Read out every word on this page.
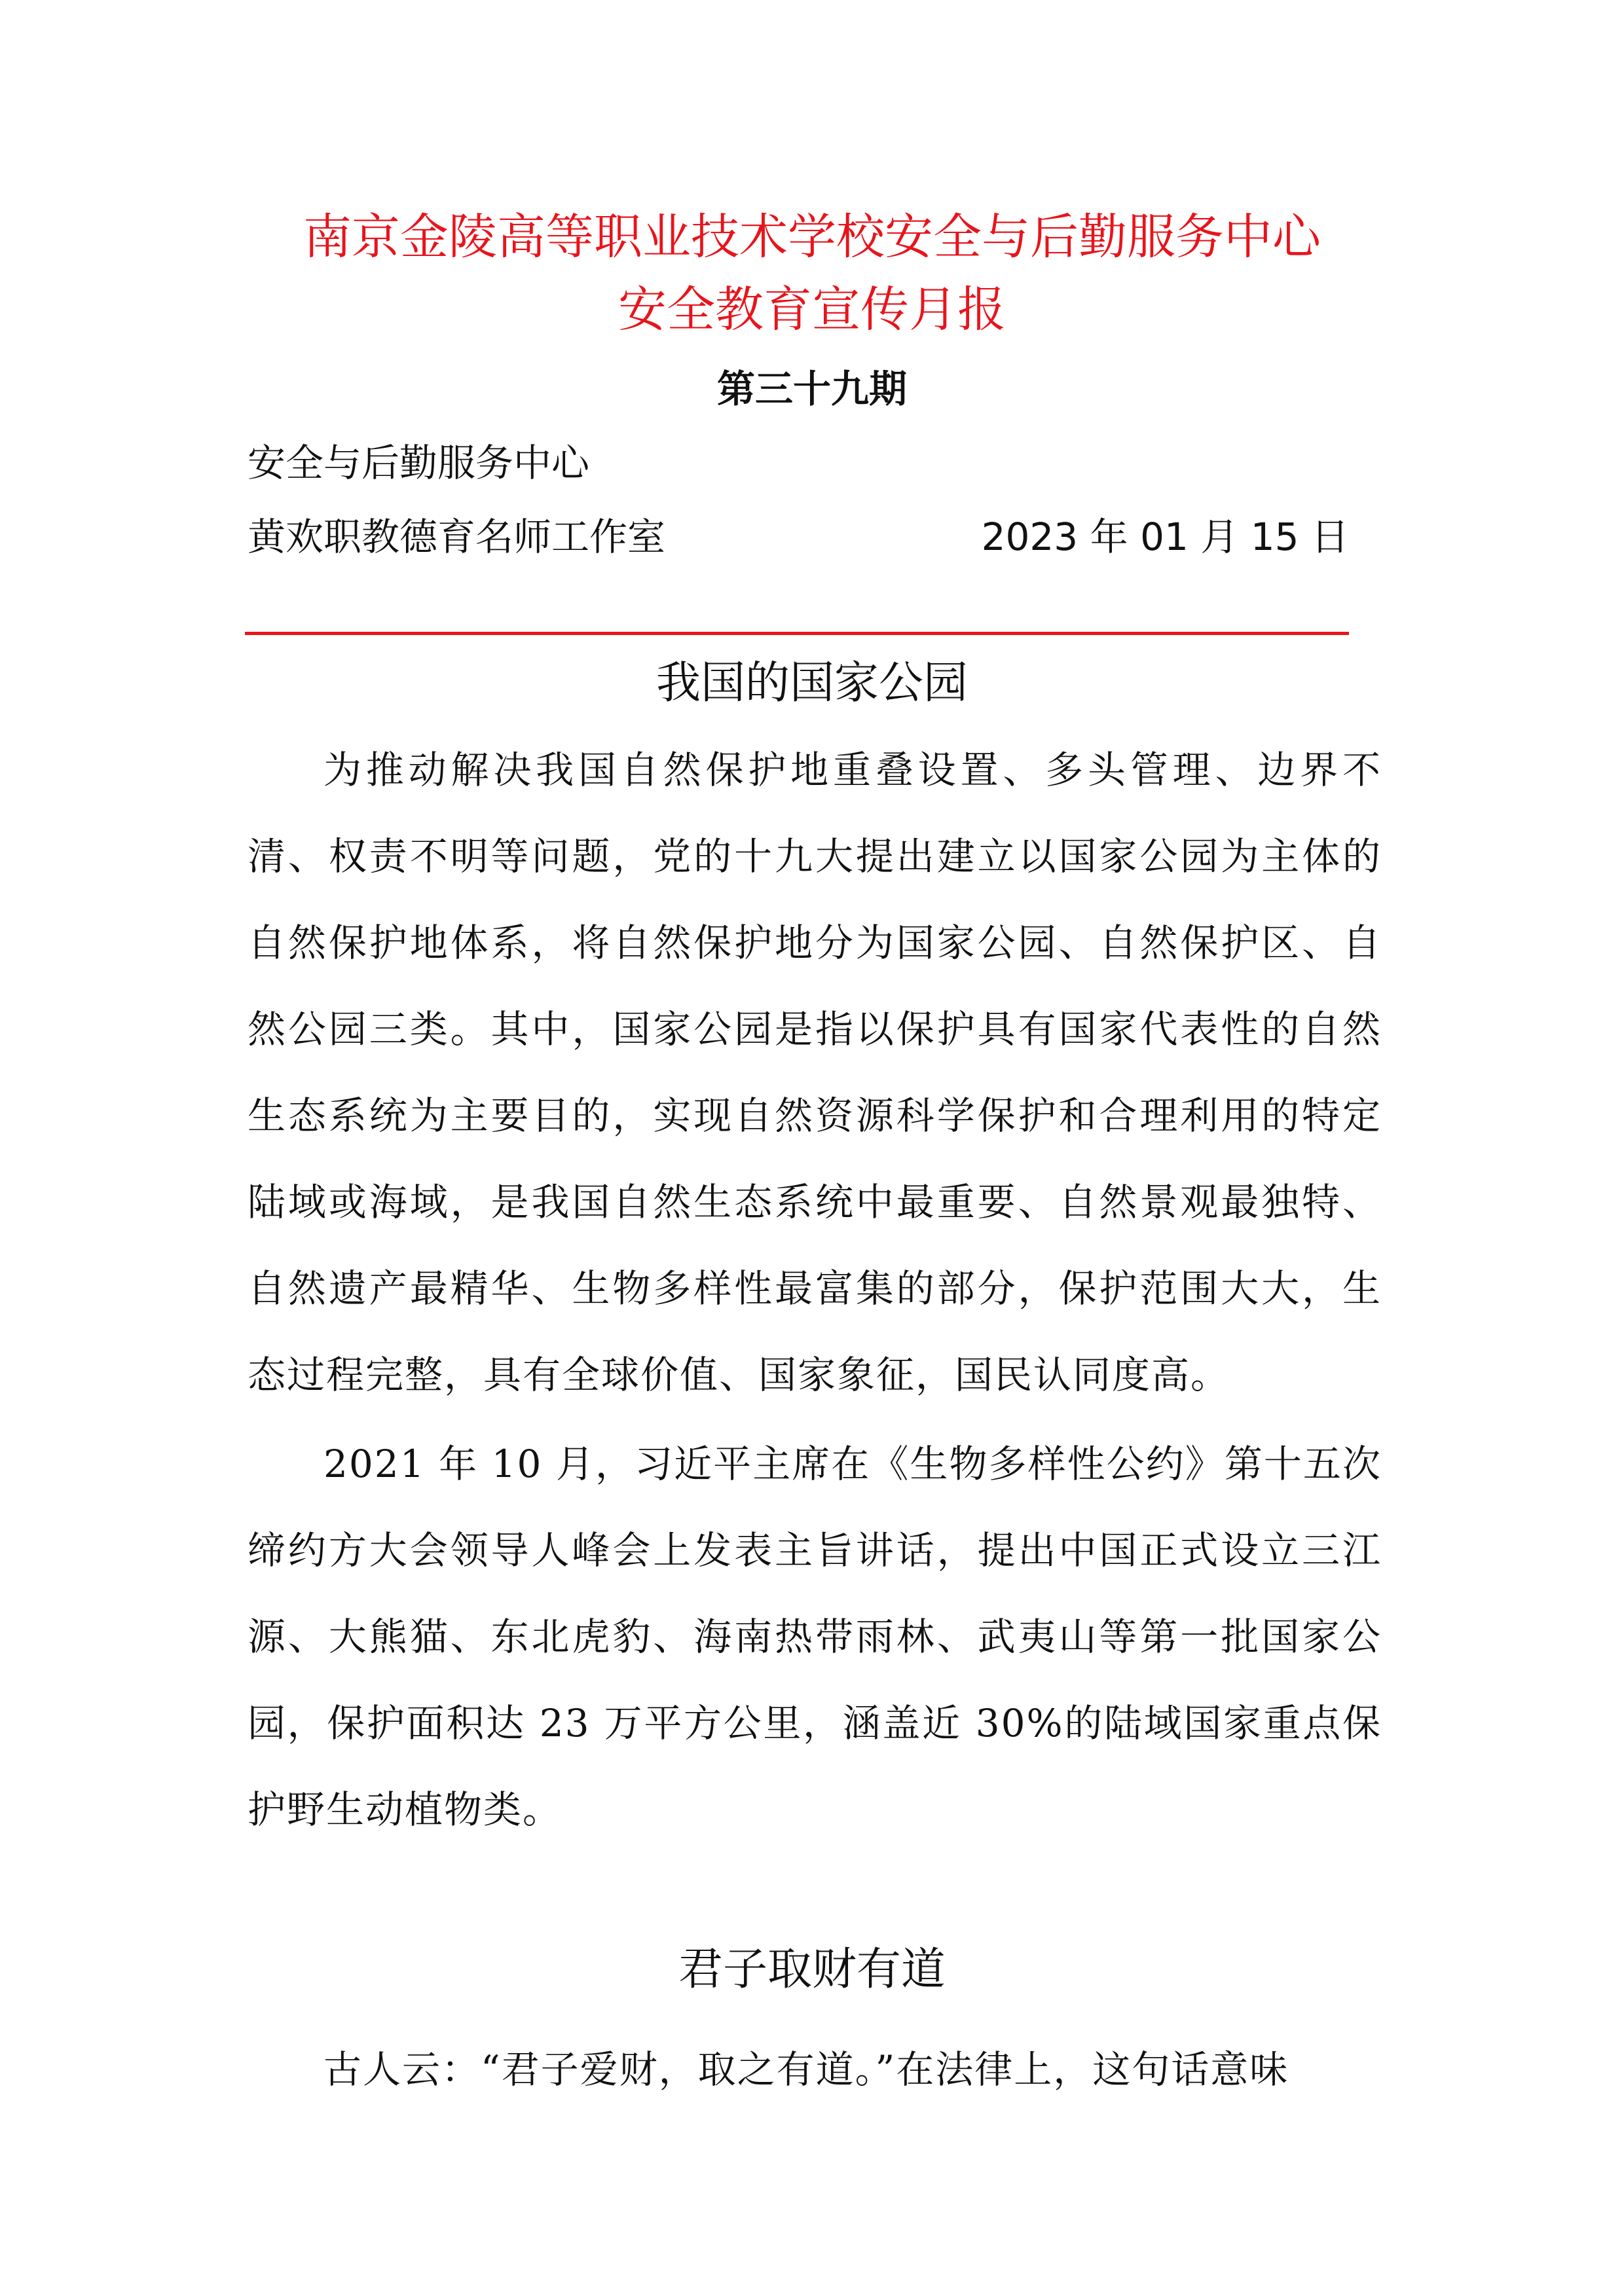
南京金陵高等职业技术学校安全与后勤服务中心
安全教育宣传月报
第三十九期
安全与后勤服务中心
黄欢职教德育名师工作室	2023 年 01 月 15 日
我国的国家公园

为推动解决我国自然保护地重叠设置、多头管理、边界不清、权责不明等问题，党的十九大提出建立以国家公园为主体的自然保护地体系，将自然保护地分为国家公园、自然保护区、自然公园三类。其中，国家公园是指以保护具有国家代表性的自然生态系统为主要目的，实现自然资源科学保护和合理利用的特定陆域或海域，是我国自然生态系统中最重要、自然景观最独特、自然遗产最精华、生物多样性最富集的部分，保护范围大大，生态过程完整，具有全球价值、国家象征，国民认同度高。

2021 年 10 月，习近平主席在《生物多样性公约》第十五次缔约方大会领导人峰会上发表主旨讲话，提出中国正式设立三江源、大熊猫、东北虎豹、海南热带雨林、武夷山等第一批国家公园，保护面积达 23 万平方公里，涵盖近 30%的陆域国家重点保护野生动植物类。

君子取财有道

古人云：“君子爱财，取之有道。”在法律上，这句话意味
